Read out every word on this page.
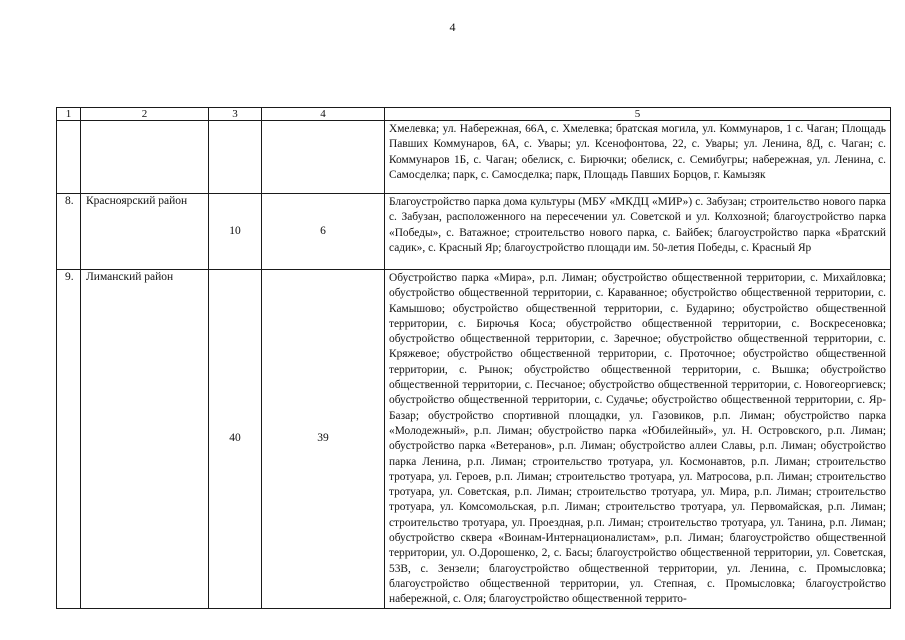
4
1	2	3	4	5
				Хмелевка; ул. Набережная, 66А, с. Хмелевка; братская могила, ул. Коммунаров, 1 с. Чаган; Площадь Павших Коммунаров, 6А, с. Увары; ул. Ксенофонтова, 22, с. Увары; ул. Ленина, 8Д, с. Чаган; с. Коммунаров 1Б, с. Чаган; обелиск, с. Бирючки; обелиск, с. Семибугры; набережная, ул. Ленина, с. Самосделка; парк, с. Самосделка; парк, Площадь Павших Борцов, г. Камызяк
8.	Красноярский район	10	6	Благоустройство парка дома культуры (МБУ «МКДЦ «МИР») с. Забузан; строительство нового парка с. Забузан, расположенного на пересечении ул. Советской и ул. Колхозной; благоустройство парка «Победы», с. Ватажное; строительство нового парка, с. Байбек; благоустройство парка «Братский садик», с. Красный Яр; благоустройство площади им. 50-летия Победы, с. Красный Яр
9.	Лиманский район	40	39	Обустройство парка «Мира», р.п. Лиман; обустройство общественной территории, с. Михайловка; обустройство общественной территории, с. Караванное; обустройство общественной территории, с. Камышово; обустройство общественной территории, с. Бударино; обустройство общественной территории, с. Бирючья Коса; обустройство общественной территории, с. Воскресеновка; обустройство общественной территории, с. Заречное; обустройство общественной территории, с. Кряжевое; обустройство общественной территории, с. Проточное; обустройство общественной территории, с. Рынок; обустройство общественной территории, с. Вышка; обустройство общественной территории, с. Песчаное; обустройство общественной территории, с. Новогеоргиевск; обустройство общественной территории, с. Судачье; обустройство общественной территории, с. Яр-Базар; обустройство спортивной площадки, ул. Газовиков, р.п. Лиман; обустройство парка «Молодежный», р.п. Лиман; обустройство парка «Юбилейный», ул. Н. Островского, р.п. Лиман; обустройство парка «Ветеранов», р.п. Лиман; обустройство аллеи Славы, р.п. Лиман; обустройство парка Ленина, р.п. Лиман; строительство тротуара, ул. Космонавтов, р.п. Лиман; строительство тротуара, ул. Героев, р.п. Лиман; строительство тротуара, ул. Матросова, р.п. Лиман; строительство тротуара, ул. Советская, р.п. Лиман; строительство тротуара, ул. Мира, р.п. Лиман; строительство тротуара, ул. Комсомольская, р.п. Лиман; строительство тротуара, ул. Первомайская, р.п. Лиман; строительство тротуара, ул. Проездная, р.п. Лиман; строительство тротуара, ул. Танина, р.п. Лиман; обустройство сквера «Воинам-Интернационалистам», р.п. Лиман; благоустройство общественной территории, ул. О.Дорошенко, 2, с. Басы; благоустройство общественной территории, ул. Советская, 53В, с. Зензели; благоустройство общественной территории, ул. Ленина, с. Промысловка; благоустройство общественной территории, ул. Степная, с. Промысловка; благоустройство набережной, с. Оля; благоустройство общественной террито-
